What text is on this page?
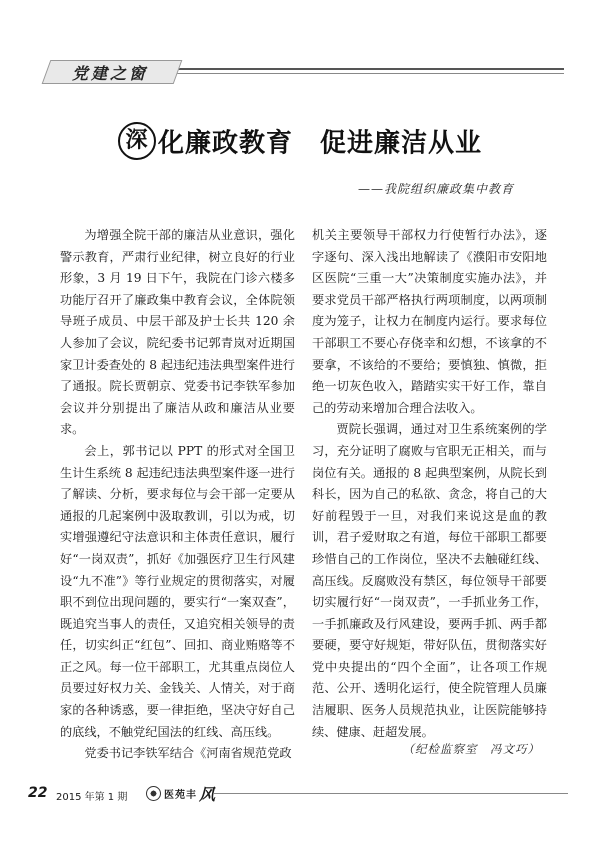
党建之窗
深 化廉政教育　促进廉洁从业
——我院组织廉政集中教育

为增强全院干部的廉洁从业意识，强化警示教育，严肃行业纪律，树立良好的行业形象，3 月 19 日下午，我院在门诊六楼多功能厅召开了廉政集中教育会议，全体院领导班子成员、中层干部及护士长共 120 余人参加了会议，院纪委书记郭青岚对近期国家卫计委查处的 8 起违纪违法典型案件进行了通报。院长贾朝京、党委书记李铁军参加会议并分别提出了廉洁从政和廉洁从业要求。

会上，郭书记以 PPT 的形式对全国卫生计生系统 8 起违纪违法典型案件逐一进行了解读、分析，要求每位与会干部一定要从通报的几起案例中汲取教训，引以为戒，切实增强遵纪守法意识和主体责任意识，履行好“一岗双责”，抓好《加强医疗卫生行风建设“九不准”》等行业规定的贯彻落实，对履职不到位出现问题的，要实行“一案双查”，既追究当事人的责任，又追究相关领导的责任，切实纠正“红包”、回扣、商业贿赂等不正之风。每一位干部职工，尤其重点岗位人员要过好权力关、金钱关、人情关，对于商家的各种诱惑，要一律拒绝，坚决守好自己的底线，不触党纪国法的红线、高压线。

党委书记李铁军结合《河南省规范党政

机关主要领导干部权力行使暂行办法》，逐字逐句、深入浅出地解读了《濮阳市安阳地区医院“三重一大”决策制度实施办法》，并要求党员干部严格执行两项制度，以两项制度为笼子，让权力在制度内运行。要求每位干部职工不要心存侥幸和幻想，不该拿的不要拿，不该给的不要给；要慎独、慎微，拒绝一切灰色收入，踏踏实实干好工作，靠自己的劳动来增加合理合法收入。

贾院长强调，通过对卫生系统案例的学习，充分证明了腐败与官职无正相关，而与岗位有关。通报的 8 起典型案例，从院长到科长，因为自己的私欲、贪念，将自己的大好前程毁于一旦，对我们来说这是血的教训，君子爱财取之有道，每位干部职工都要珍惜自己的工作岗位，坚决不去触碰红线、高压线。反腐败没有禁区，每位领导干部要切实履行好“一岗双责”，一手抓业务工作，一手抓廉政及行风建设，要两手抓、两手都要硬，要守好规矩，带好队伍，贯彻落实好党中央提出的“四个全面”，让各项工作规范、公开、透明化运行，使全院管理人员廉洁履职、医务人员规范执业，让医院能够持续、健康、赶超发展。

（纪检监察室　冯文巧）
22 2015 年第 1 期	医苑丰 风
